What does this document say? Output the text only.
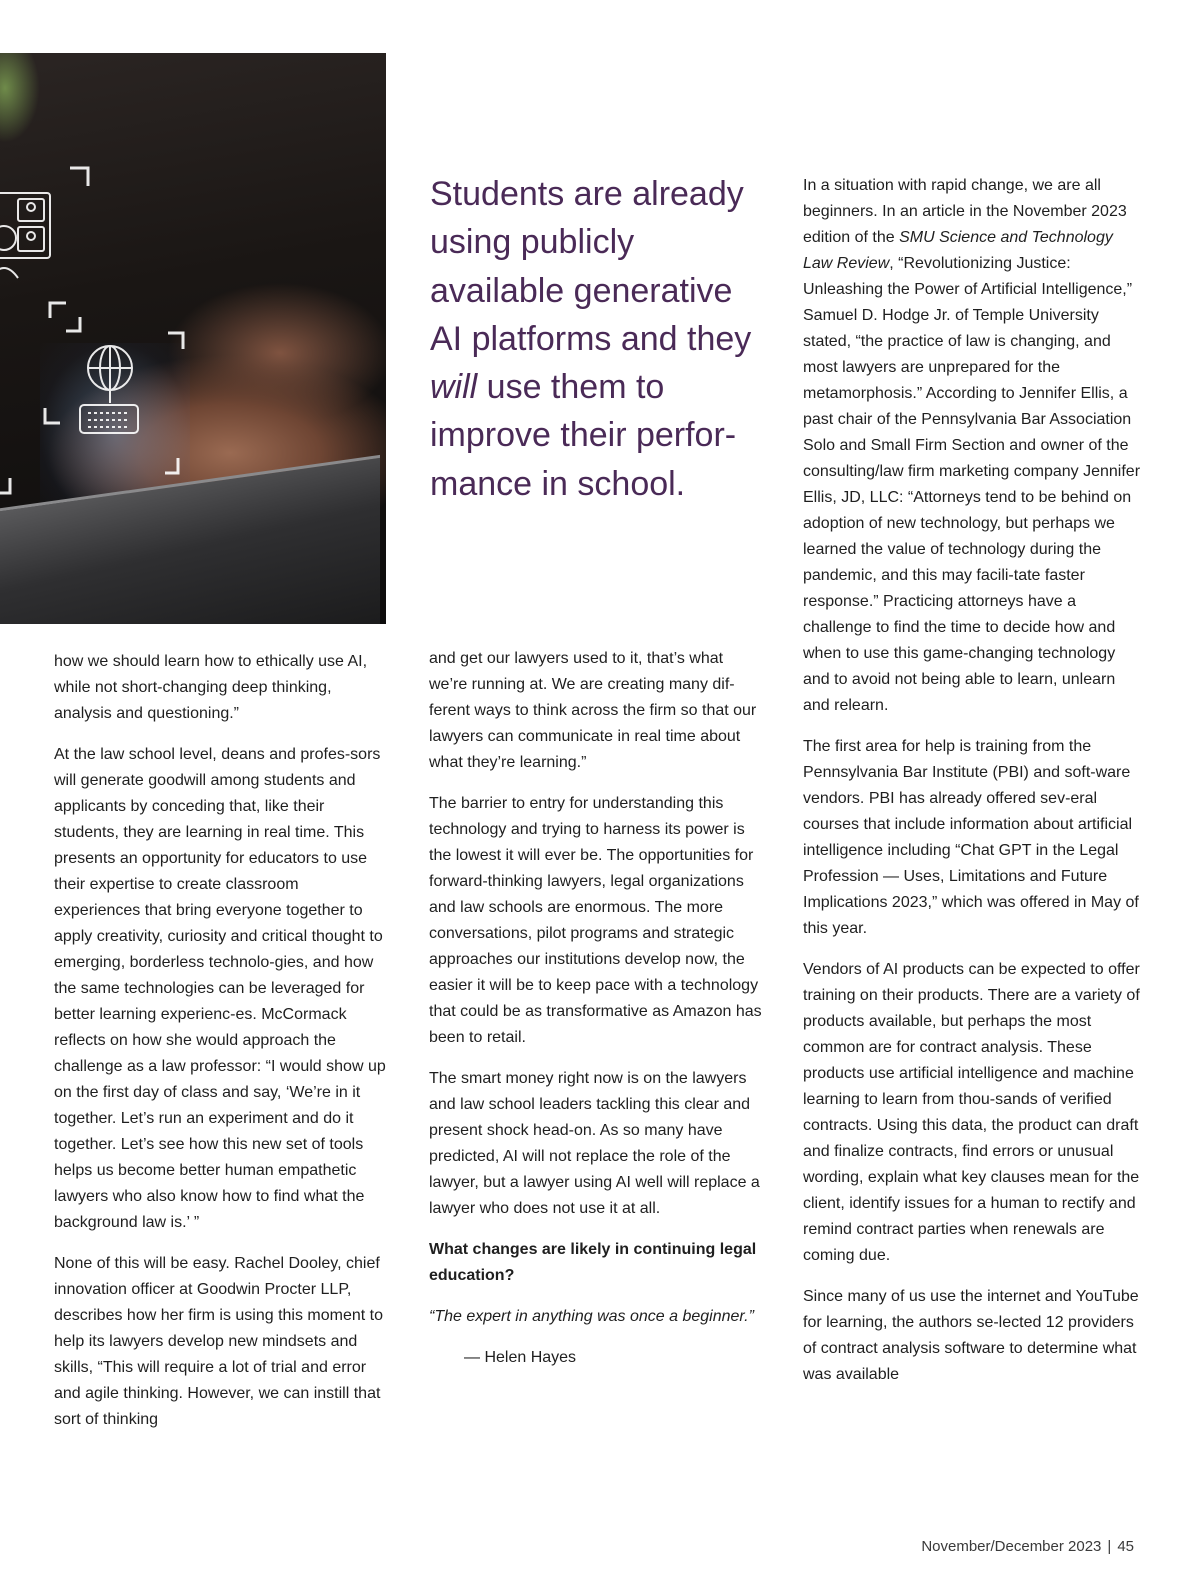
Students are already using publicly available generative AI platforms and they will use them to improve their perfor-mance in school.

how we should learn how to ethically use AI, while not short-changing deep thinking, analysis and questioning.”

At the law school level, deans and profes-sors will generate goodwill among students and applicants by conceding that, like their students, they are learning in real time. This presents an opportunity for educators to use their expertise to create classroom experiences that bring everyone together to apply creativity, curiosity and critical thought to emerging, borderless technolo-gies, and how the same technologies can be leveraged for better learning experienc-es. McCormack reflects on how she would approach the challenge as a law professor: “I would show up on the first day of class and say, ‘We’re in it together. Let’s run an experiment and do it together. Let’s see how this new set of tools helps us become better human empathetic lawyers who also know how to find what the background law is.’ ”

None of this will be easy. Rachel Dooley, chief innovation officer at Goodwin Procter LLP, describes how her firm is using this moment to help its lawyers develop new mindsets and skills, “This will require a lot of trial and error and agile thinking. However, we can instill that sort of thinking

and get our lawyers used to it, that’s what we’re running at. We are creating many dif-ferent ways to think across the firm so that our lawyers can communicate in real time about what they’re learning.”

The barrier to entry for understanding this technology and trying to harness its power is the lowest it will ever be. The opportunities for forward-thinking lawyers, legal organizations and law schools are enormous. The more conversations, pilot programs and strategic approaches our institutions develop now, the easier it will be to keep pace with a technology that could be as transformative as Amazon has been to retail.

The smart money right now is on the lawyers and law school leaders tackling this clear and present shock head-on. As so many have predicted, AI will not replace the role of the lawyer, but a lawyer using AI well will replace a lawyer who does not use it at all.

What changes are likely in continuing legal education?

“The expert in anything was once a beginner.”

— Helen Hayes

In a situation with rapid change, we are all beginners. In an article in the November 2023 edition of the SMU Science and Technology Law Review, “Revolutionizing Justice: Unleashing the Power of Artificial Intelligence,” Samuel D. Hodge Jr. of Temple University stated, “the practice of law is changing, and most lawyers are unprepared for the metamorphosis.” According to Jennifer Ellis, a past chair of the Pennsylvania Bar Association Solo and Small Firm Section and owner of the consulting/law firm marketing company Jennifer Ellis, JD, LLC: “Attorneys tend to be behind on adoption of new technology, but perhaps we learned the value of technology during the pandemic, and this may facili-tate faster response.” Practicing attorneys have a challenge to find the time to decide how and when to use this game-changing technology and to avoid not being able to learn, unlearn and relearn.

The first area for help is training from the Pennsylvania Bar Institute (PBI) and soft-ware vendors. PBI has already offered sev-eral courses that include information about artificial intelligence including “Chat GPT in the Legal Profession — Uses, Limitations and Future Implications 2023,” which was offered in May of this year.

Vendors of AI products can be expected to offer training on their products. There are a variety of products available, but perhaps the most common are for contract analysis. These products use artificial intelligence and machine learning to learn from thou-sands of verified contracts. Using this data, the product can draft and finalize contracts, find errors or unusual wording, explain what key clauses mean for the client, identify issues for a human to rectify and remind contract parties when renewals are coming due.

Since many of us use the internet and YouTube for learning, the authors se-lected 12 providers of contract analysis software to determine what was available

November/December 2023 | 45
